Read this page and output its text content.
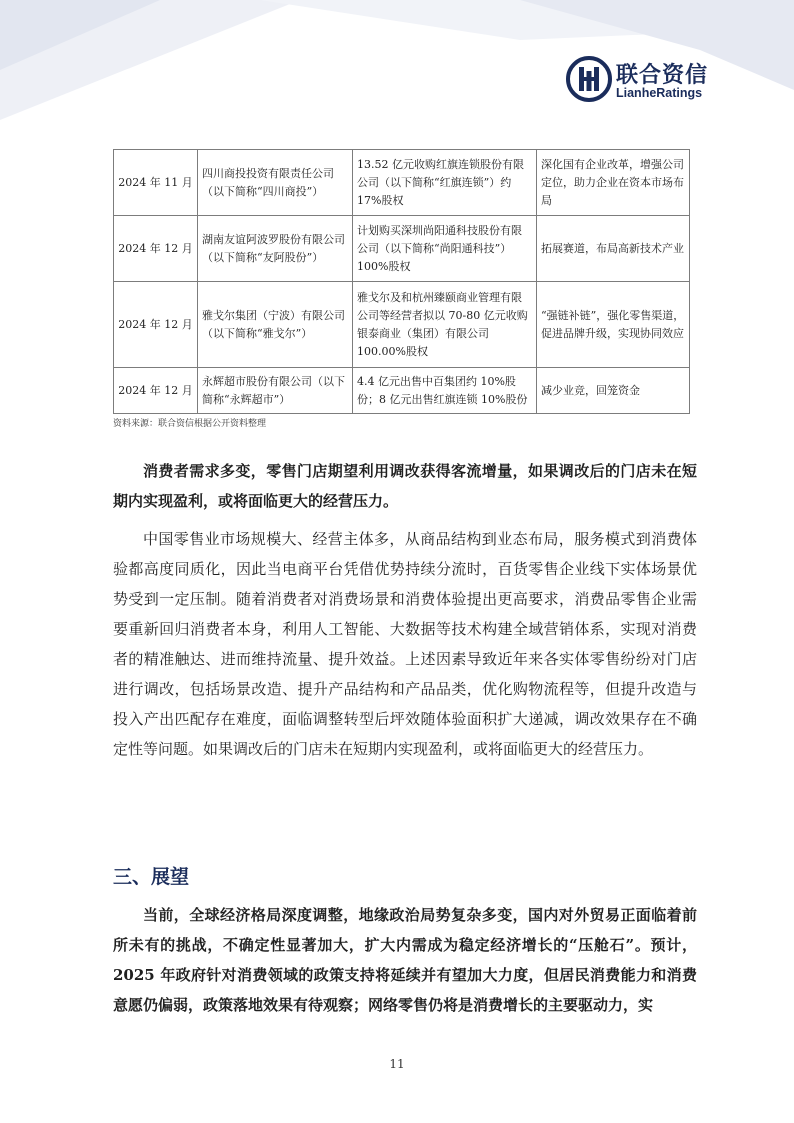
联合资信
LianheRatings
2024 年 11 月	四川商投投资有限责任公司（以下简称“四川商投”）	13.52 亿元收购红旗连锁股份有限公司（以下简称“红旗连锁”）约 17%股权	深化国有企业改革，增强公司定位，助力企业在资本市场布局
2024 年 12 月	湖南友谊阿波罗股份有限公司（以下简称“友阿股份”）	计划购买深圳尚阳通科技股份有限公司（以下简称“尚阳通科技”）100%股权	拓展赛道，布局高新技术产业
2024 年 12 月	雅戈尔集团（宁波）有限公司（以下简称“雅戈尔”）	雅戈尔及和杭州臻颐商业管理有限公司等经营者拟以 70-80 亿元收购银泰商业（集团）有限公司 100.00%股权	“强链补链”，强化零售渠道，促进品牌升级，实现协同效应
2024 年 12 月	永辉超市股份有限公司（以下简称“永辉超市”）	4.4 亿元出售中百集团约 10%股份；8 亿元出售红旗连锁 10%股份	减少业竞，回笼资金
资料来源：联合资信根据公开资料整理

消费者需求多变，零售门店期望利用调改获得客流增量，如果调改后的门店未在短期内实现盈利，或将面临更大的经营压力。

中国零售业市场规模大、经营主体多，从商品结构到业态布局，服务模式到消费体验都高度同质化，因此当电商平台凭借优势持续分流时，百货零售企业线下实体场景优势受到一定压制。随着消费者对消费场景和消费体验提出更高要求，消费品零售企业需要重新回归消费者本身，利用人工智能、大数据等技术构建全域营销体系，实现对消费者的精准触达、进而维持流量、提升效益。上述因素导致近年来各实体零售纷纷对门店进行调改，包括场景改造、提升产品结构和产品品类，优化购物流程等，但提升改造与投入产出匹配存在难度，面临调整转型后坪效随体验面积扩大递减，调改效果存在不确定性等问题。如果调改后的门店未在短期内实现盈利，或将面临更大的经营压力。

三、展望

当前，全球经济格局深度调整，地缘政治局势复杂多变，国内对外贸易正面临着前所未有的挑战，不确定性显著加大，扩大内需成为稳定经济增长的“压舱石”。预计，2025 年政府针对消费领域的政策支持将延续并有望加大力度，但居民消费能力和消费意愿仍偏弱，政策落地效果有待观察；网络零售仍将是消费增长的主要驱动力，实

11
